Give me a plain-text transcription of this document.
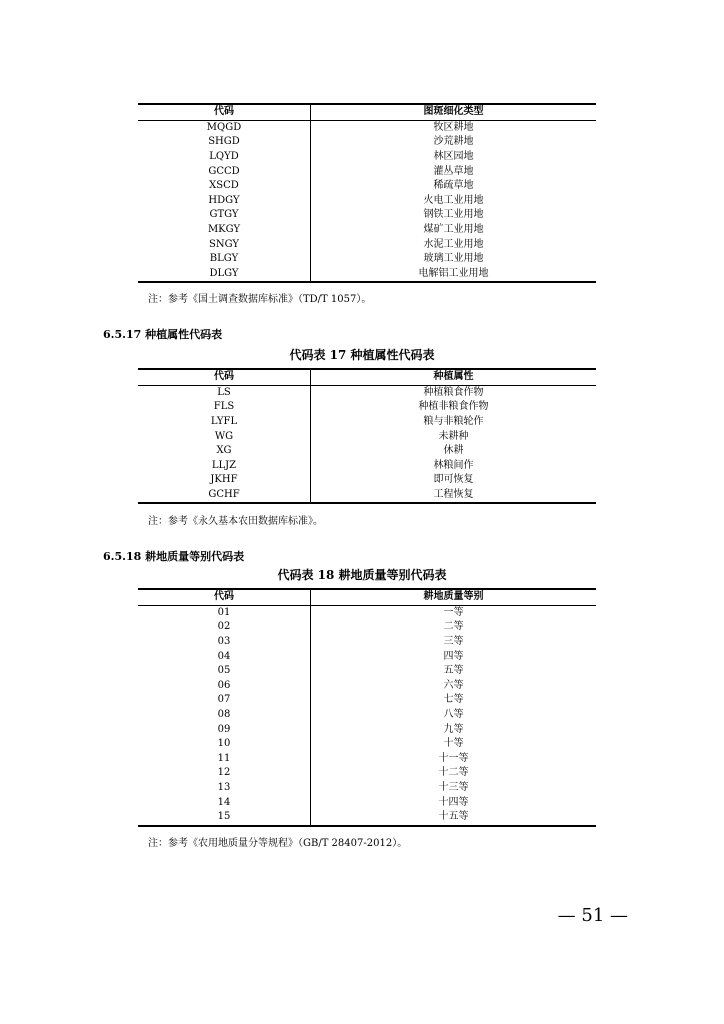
代码	图斑细化类型
MQGD	牧区耕地
SHGD	沙荒耕地
LQYD	林区园地
GCCD	灌丛草地
XSCD	稀疏草地
HDGY	火电工业用地
GTGY	钢铁工业用地
MKGY	煤矿工业用地
SNGY	水泥工业用地
BLGY	玻璃工业用地
DLGY	电解铝工业用地
注：参考《国土调查数据库标准》（TD/T 1057）。
6.5.17 种植属性代码表
代码表 17 种植属性代码表
代码	种植属性
LS	种植粮食作物
FLS	种植非粮食作物
LYFL	粮与非粮轮作
WG	未耕种
XG	休耕
LLJZ	林粮间作
JKHF	即可恢复
GCHF	工程恢复
注：参考《永久基本农田数据库标准》。
6.5.18 耕地质量等别代码表
代码表 18 耕地质量等别代码表
代码	耕地质量等别
01	一等
02	二等
03	三等
04	四等
05	五等
06	六等
07	七等
08	八等
09	九等
10	十等
11	十一等
12	十二等
13	十三等
14	十四等
15	十五等
注：参考《农用地质量分等规程》（GB/T 28407-2012）。
— 51 —
